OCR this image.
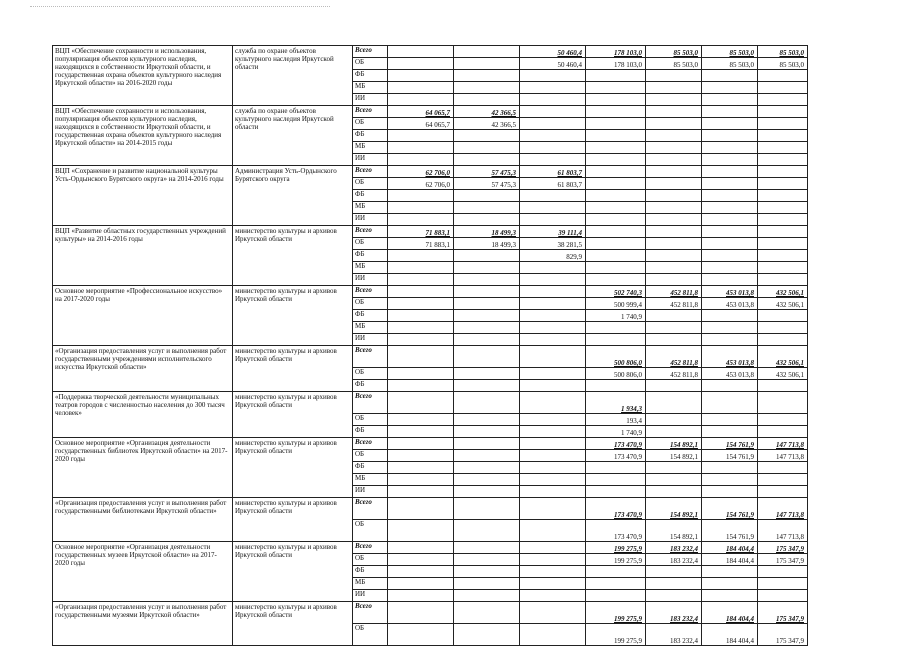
ВЦП «Обеспечение сохранности и использования, популяризация объектов культурного наследия, находящихся в собственности Иркутской области, и государственная охрана объектов культурного наследия Иркутской области» на 2016-2020 годы	служба по охране объектов культурного наследия Иркутской области	Всего			50 460,4	178 103,0	85 503,0	85 503,0	85 503,0
		ОБ			50 460,4	178 103,0	85 503,0	85 503,0	85 503,0
		ФБ							
		МБ							
		ИИ							
ВЦП «Обеспечение сохранности и использования, популяризация объектов культурного наследия, находящихся в собственности Иркутской области, и государственная охрана объектов культурного наследия Иркутской области» на 2014-2015 годы	служба по охране объектов культурного наследия Иркутской области	Всего	64 065,7	42 366,5					
		ОБ	64 065,7	42 366,5					
		ФБ							
		МБ							
		ИИ							
ВЦП «Сохранение и развитие национальной культуры Усть-Ордынского Бурятского округа» на 2014-2016 годы	Администрация Усть-Ордынского Бурятского округа	Всего	62 706,0	57 475,3	61 803,7				
		ОБ	62 706,0	57 475,3	61 803,7				
		ФБ							
		МБ							
		ИИ							
ВЦП «Развитие областных государственных учреждений культуры» на 2014-2016 годы	министерство культуры и архивов Иркутской области	Всего	71 883,1	18 499,3	39 111,4				
		ОБ	71 883,1	18 499,3	38 281,5				
		ФБ			829,9				
		МБ							
		ИИ							
Основное мероприятие «Профессиональное искусство» на 2017-2020 годы	министерство культуры и архивов Иркутской области	Всего				502 740,3	452 811,8	453 013,8	432 506,1
		ОБ				500 999,4	452 811,8	453 013,8	432 506,1
		ФБ				1 740,9			
		МБ							
		ИИ							
«Организация предоставления услуг и выполнения работ государственными учреждениями исполнительского искусства Иркутской области»	министерство культуры и архивов Иркутской области	Всего				500 806,0	452 811,8	453 013,8	432 506,1
		ОБ				500 806,0	452 811,8	453 013,8	432 506,1
		ФБ							
«Поддержка творческой деятельности муниципальных театров городов с численностью населения до 300 тысяч человек»	министерство культуры и архивов Иркутской области	Всего				1 934,3			
		ОБ				193,4			
		ФБ				1 740,9			
Основное мероприятие «Организация деятельности государственных библиотек Иркутской области» на 2017-2020 годы	министерство культуры и архивов Иркутской области	Всего				173 470,9	154 892,1	154 761,9	147 713,8
		ОБ				173 470,9	154 892,1	154 761,9	147 713,8
		ФБ							
		МБ							
		ИИ							
«Организация предоставления услуг и выполнения работ государственными библиотеками Иркутской области»	министерство культуры и архивов Иркутской области	Всего				173 470,9	154 892,1	154 761,9	147 713,8
		ОБ				173 470,9	154 892,1	154 761,9	147 713,8
Основное мероприятие «Организация деятельности государственных музеев Иркутской области» на 2017-2020 годы	министерство культуры и архивов Иркутской области	Всего				199 275,9	183 232,4	184 404,4	175 347,9
		ОБ				199 275,9	183 232,4	184 404,4	175 347,9
		ФБ							
		МБ							
		ИИ							
«Организация предоставления услуг и выполнения работ государственными музеями Иркутской области»	министерство культуры и архивов Иркутской области	Всего				199 275,9	183 232,4	184 404,4	175 347,9
		ОБ				199 275,9	183 232,4	184 404,4	175 347,9
